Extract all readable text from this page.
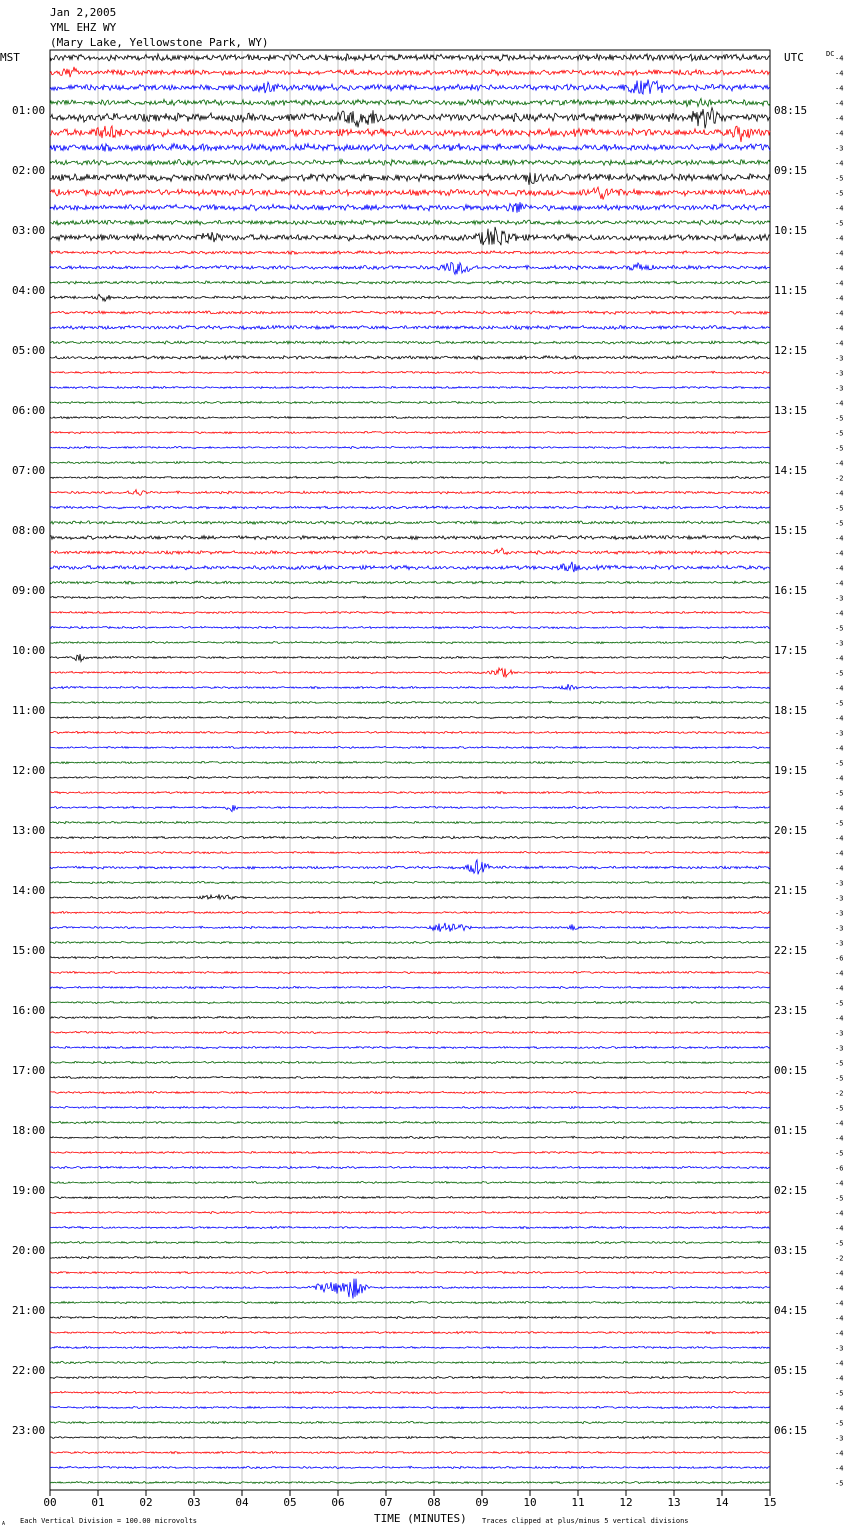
Jan 2,2005
YML EHZ WY
(Mary Lake, Yellowstone Park, WY)
MST	UTC	DC
01:00
02:00
03:00
04:00
05:00
06:00
07:00
08:00
09:00
10:00
11:00
12:00
13:00
14:00
15:00
16:00
17:00
18:00
19:00
20:00
21:00
22:00
23:00
08:15
09:15
10:15
11:15
12:15
13:15
14:15
15:15
16:15
17:15
18:15
19:15
20:15
21:15
22:15
23:15
00:15
01:15
02:15
03:15
04:15
05:15
06:15
-4
-4
-4
-4
-4
-4
-3
-4
-5
-5
-4
-5
-4
-4
-4
-4
-4
-4
-4
-4
-3
-3
-3
-4
-5
-5
-5
-4
-2
-4
-5
-5
-4
-4
-4
-4
-3
-4
-5
-3
-4
-5
-4
-5
-4
-3
-4
-5
-4
-5
-4
-5
-4
-4
-4
-3
-3
-3
-3
-3
-6
-4
-4
-5
-4
-3
-3
-5
-5
-2
-5
-4
-4
-5
-6
-4
-5
-4
-4
-5
-2
-4
-4
-4
-4
-4
-3
-4
-4
-5
-4
-5
-3
-4
-4
-5
00	01	02	03	04	05	06	07	08	09	10	11	12	13	14	15
TIME (MINUTES)
Each Vertical Division = 100.00 microvolts	Traces clipped at plus/minus 5 vertical divisions
A
